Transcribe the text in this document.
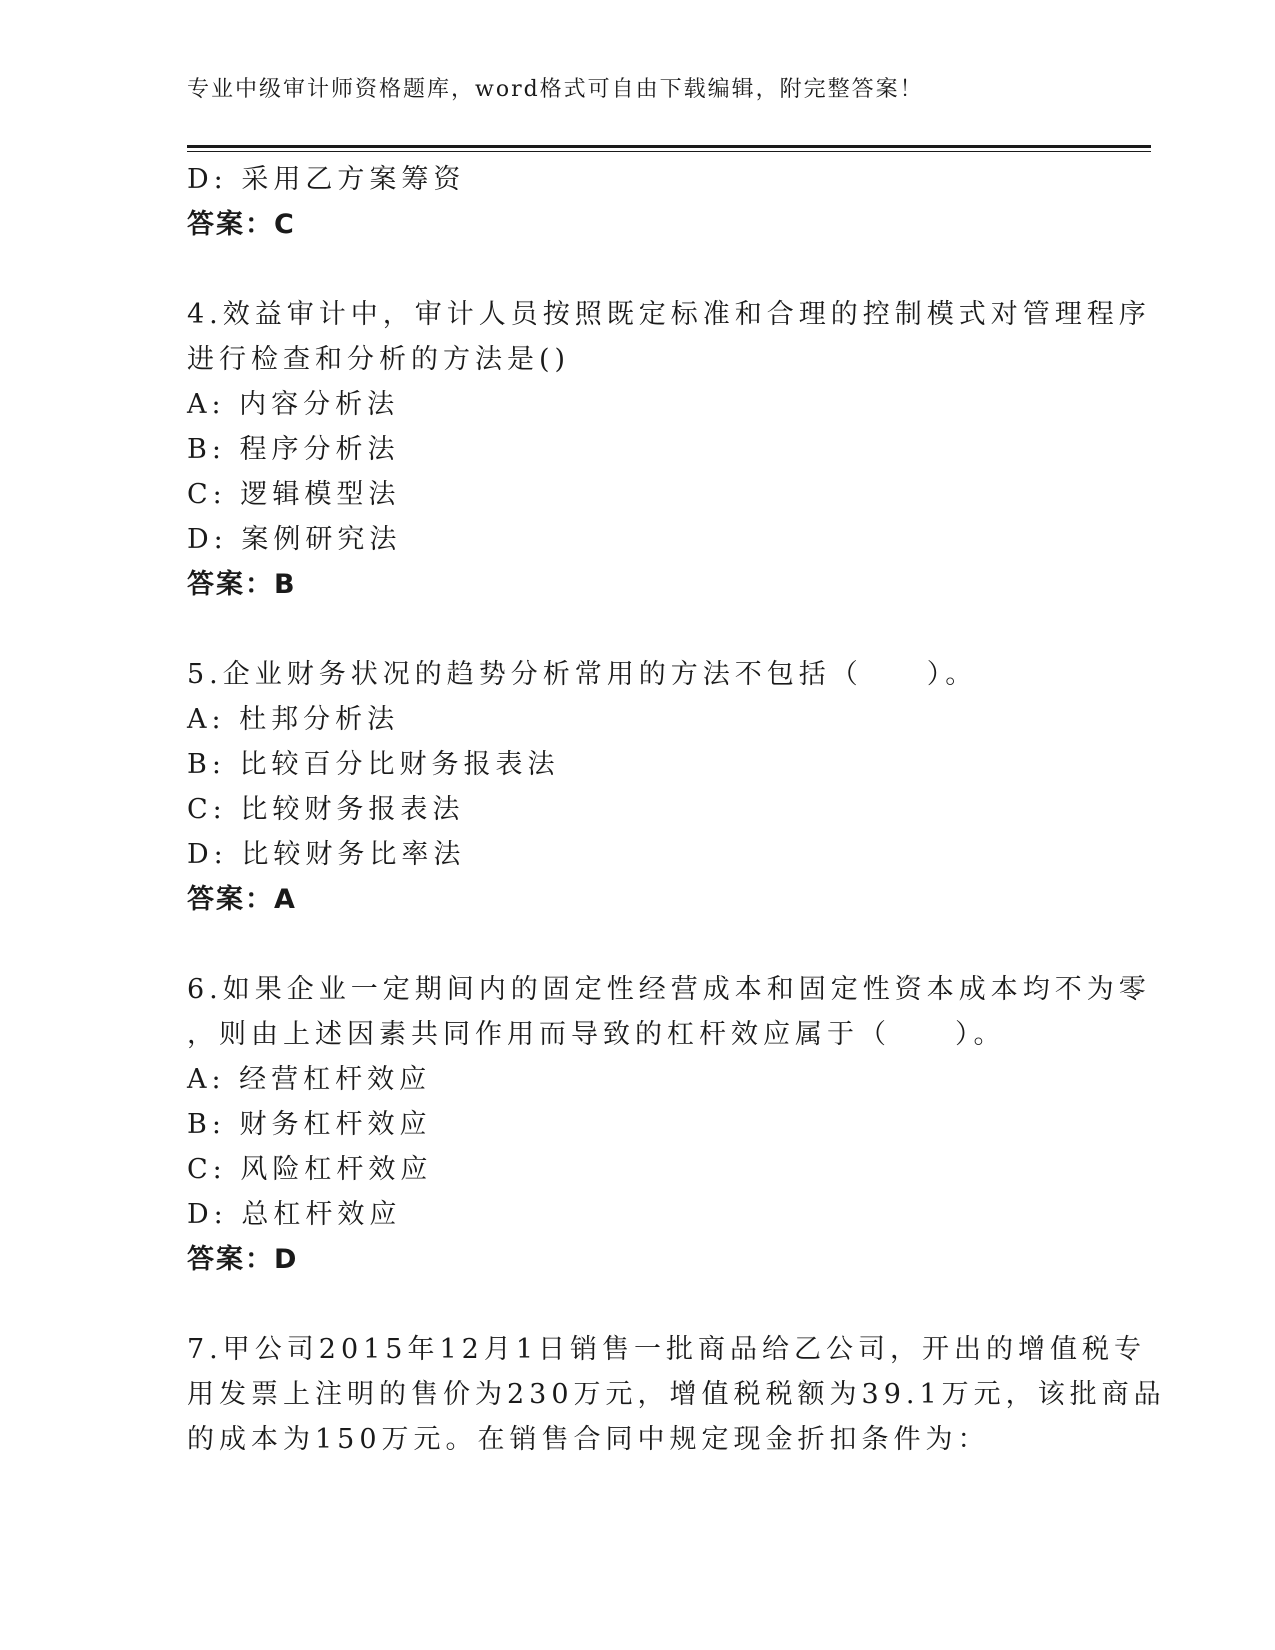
专业中级审计师资格题库，word格式可自由下载编辑，附完整答案！
D: 采用乙方案筹资
答案：C
4.效益审计中，审计人员按照既定标准和合理的控制模式对管理程序
进行检查和分析的方法是()
A: 内容分析法
B: 程序分析法
C: 逻辑模型法
D: 案例研究法
答案：B
5.企业财务状况的趋势分析常用的方法不包括（　　）。
A: 杜邦分析法
B: 比较百分比财务报表法
C: 比较财务报表法
D: 比较财务比率法
答案：A
6.如果企业一定期间内的固定性经营成本和固定性资本成本均不为零
，则由上述因素共同作用而导致的杠杆效应属于（　　）。
A: 经营杠杆效应
B: 财务杠杆效应
C: 风险杠杆效应
D: 总杠杆效应
答案：D
7.甲公司2015年12月1日销售一批商品给乙公司，开出的增值税专
用发票上注明的售价为230万元，增值税税额为39.1万元，该批商品
的成本为150万元。在销售合同中规定现金折扣条件为：
